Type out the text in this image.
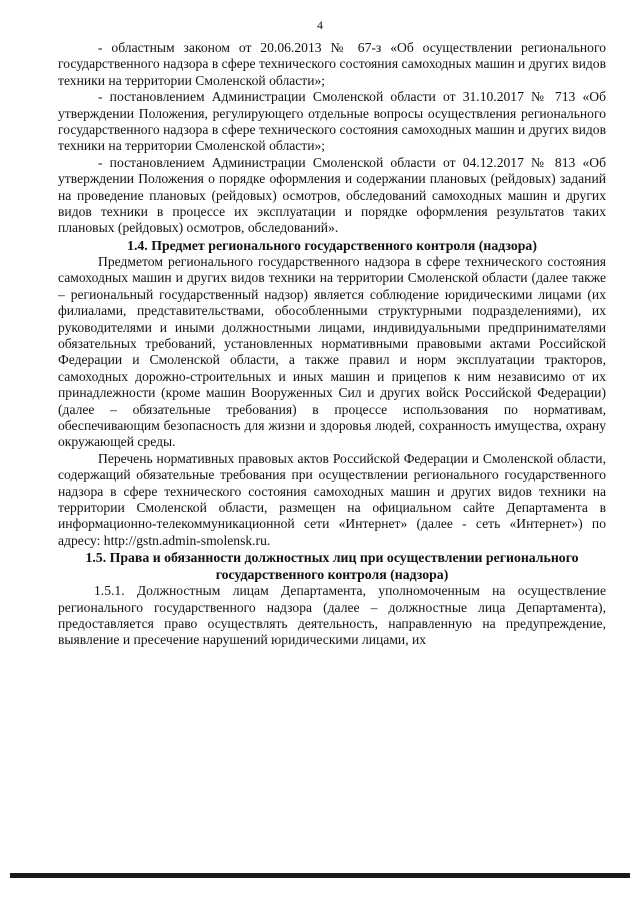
4

- областным законом от 20.06.2013 № 67-з «Об осуществлении регионального государственного надзора в сфере технического состояния самоходных машин и других видов техники на территории Смоленской области»;

- постановлением Администрации Смоленской области от 31.10.2017 № 713 «Об утверждении Положения, регулирующего отдельные вопросы осуществления регионального государственного надзора в сфере технического состояния самоходных машин и других видов техники на территории Смоленской области»;

- постановлением Администрации Смоленской области от 04.12.2017 № 813 «Об утверждении Положения о порядке оформления и содержании плановых (рейдовых) заданий на проведение плановых (рейдовых) осмотров, обследований самоходных машин и других видов техники в процессе их эксплуатации и порядке оформления результатов таких плановых (рейдовых) осмотров, обследований».

1.4. Предмет регионального государственного контроля (надзора)

Предметом регионального государственного надзора в сфере технического состояния самоходных машин и других видов техники на территории Смоленской области (далее также – региональный государственный надзор) является соблюдение юридическими лицами (их филиалами, представительствами, обособленными структурными подразделениями), их руководителями и иными должностными лицами, индивидуальными предпринимателями обязательных требований, установленных нормативными правовыми актами Российской Федерации и Смоленской области, а также правил и норм эксплуатации тракторов, самоходных дорожно-строительных и иных машин и прицепов к ним независимо от их принадлежности (кроме машин Вооруженных Сил и других войск Российской Федерации) (далее – обязательные требования) в процессе использования по нормативам, обеспечивающим безопасность для жизни и здоровья людей, сохранность имущества, охрану окружающей среды.

Перечень нормативных правовых актов Российской Федерации и Смоленской области, содержащий обязательные требования при осуществлении регионального государственного надзора в сфере технического состояния самоходных машин и других видов техники на территории Смоленской области, размещен на официальном сайте Департамента в информационно-телекоммуникационной сети «Интернет» (далее - сеть «Интернет») по адресу: http://gstn.admin-smolensk.ru.

1.5. Права и обязанности должностных лиц при осуществлении регионального государственного контроля (надзора)

1.5.1. Должностным лицам Департамента, уполномоченным на осуществление регионального государственного надзора (далее – должностные лица Департамента), предоставляется право осуществлять деятельность, направленную на предупреждение, выявление и пресечение нарушений юридическими лицами, их
